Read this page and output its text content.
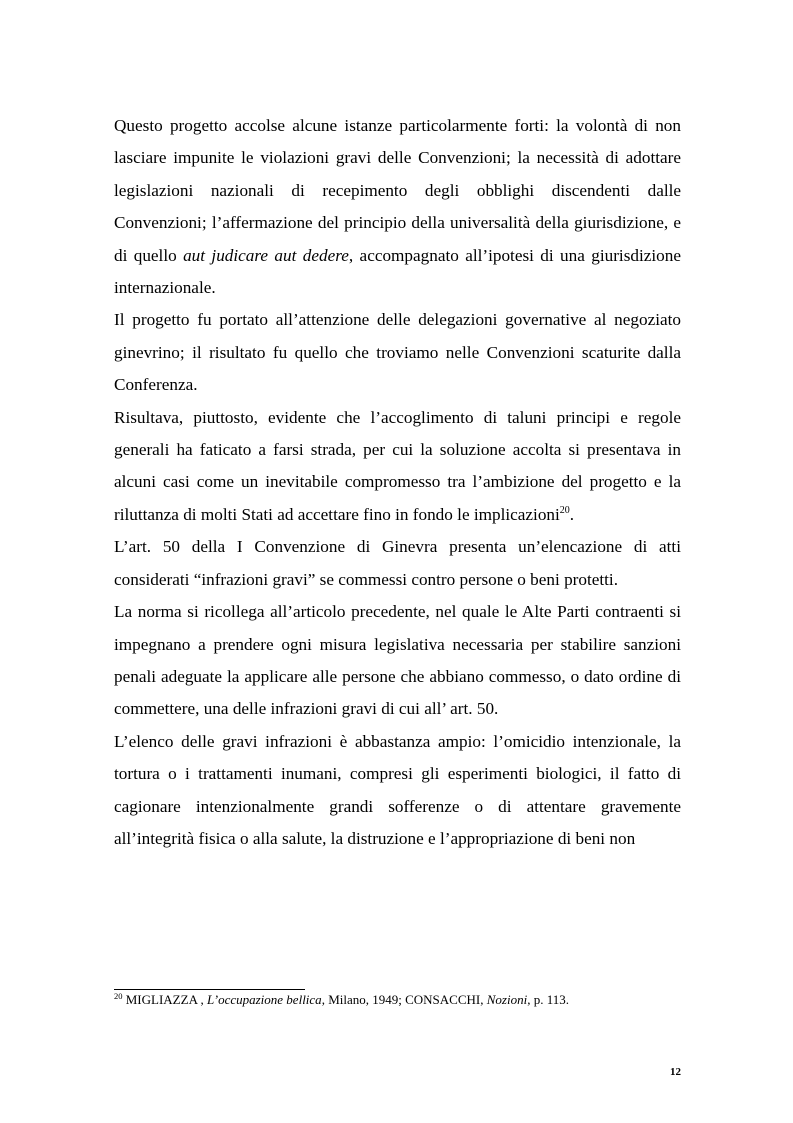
Questo progetto accolse alcune istanze particolarmente forti: la volontà di non lasciare impunite le violazioni gravi delle Convenzioni; la necessità di adottare legislazioni nazionali di recepimento degli obblighi discendenti dalle Convenzioni; l’affermazione del principio della universalità della giurisdizione, e di quello aut judicare aut dedere, accompagnato all’ipotesi di una giurisdizione internazionale.

Il progetto fu portato all’attenzione delle delegazioni governative al negoziato ginevrino; il risultato fu quello che troviamo nelle Convenzioni scaturite dalla Conferenza.

Risultava, piuttosto, evidente che l’accoglimento di taluni principi e regole generali ha faticato a farsi strada, per cui la soluzione accolta si presentava in alcuni casi come un inevitabile compromesso tra l’ambizione del progetto e la riluttanza di molti Stati ad accettare fino in fondo le implicazioni$^{20}$.

L’art. 50 della I Convenzione di Ginevra presenta un’elencazione di atti considerati “infrazioni gravi” se commessi contro persone o beni protetti.

La norma si ricollega all’articolo precedente, nel quale le Alte Parti contraenti si impegnano a prendere ogni misura legislativa necessaria per stabilire sanzioni penali adeguate la applicare alle persone che abbiano commesso, o dato ordine di commettere, una delle infrazioni gravi di cui all’ art. 50.

L’elenco delle gravi infrazioni è abbastanza ampio: l’omicidio intenzionale, la tortura o i trattamenti inumani, compresi gli esperimenti biologici, il fatto di cagionare intenzionalmente grandi sofferenze o di attentare gravemente all’integrità fisica o alla salute, la distruzione e l’appropriazione di beni non

$^{20}$ MIGLIAZZA , L’occupazione bellica, Milano, 1949; CONSACCHI, Nozioni, p. 113.
12
